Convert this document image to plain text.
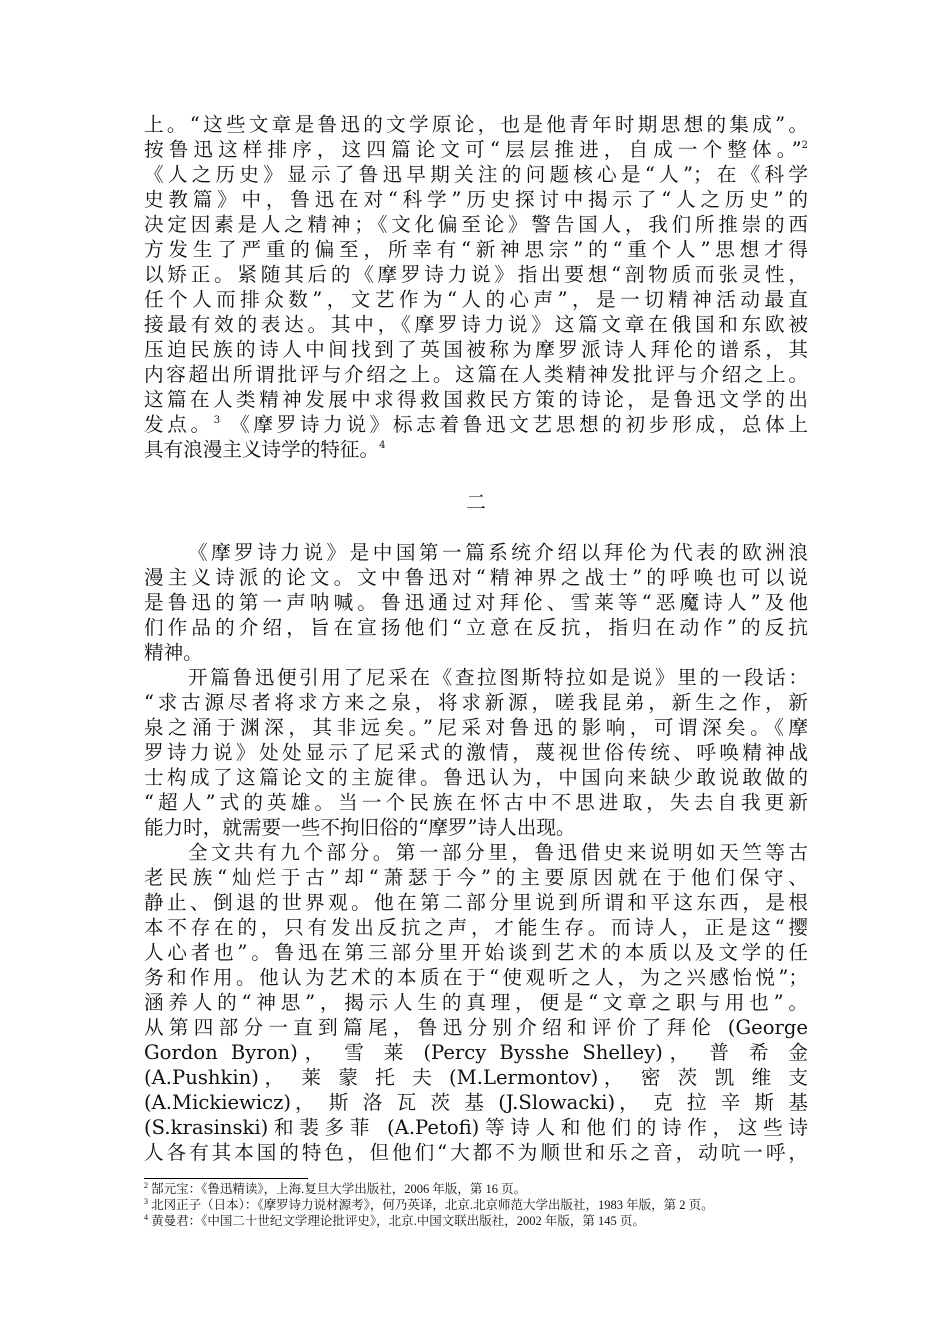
上。“这些文章是鲁迅的文学原论，也是他青年时期思想的集成”。
按鲁迅这样排序，这四篇论文可“层层推进，自成一个整体。”$^2$
《人之历史》显示了鲁迅早期关注的问题核心是“人”；在《科学
史教篇》中，鲁迅在对“科学”历史探讨中揭示了“人之历史”的
决定因素是人之精神；《文化偏至论》警告国人，我们所推崇的西
方发生了严重的偏至，所幸有“新神思宗”的“重个人”思想才得
以矫正。紧随其后的《摩罗诗力说》指出要想“剖物质而张灵性，
任个人而排众数”，文艺作为“人的心声”，是一切精神活动最直
接最有效的表达。其中，《摩罗诗力说》这篇文章在俄国和东欧被
压迫民族的诗人中间找到了英国被称为摩罗派诗人拜伦的谱系，其
内容超出所谓批评与介绍之上。这篇在人类精神发批评与介绍之上。
这篇在人类精神发展中求得救国救民方策的诗论，是鲁迅文学的出
发点。$^3$ 《摩罗诗力说》标志着鲁迅文艺思想的初步形成，总体上
具有浪漫主义诗学的特征。$^4$
二
《摩罗诗力说》是中国第一篇系统介绍以拜伦为代表的欧洲浪
漫主义诗派的论文。文中鲁迅对“精神界之战士”的呼唤也可以说
是鲁迅的第一声呐喊。鲁迅通过对拜伦、雪莱等“恶魔诗人”及他
们作品的介绍，旨在宣扬他们“立意在反抗，指归在动作”的反抗
精神。
开篇鲁迅便引用了尼采在《查拉图斯特拉如是说》里的一段话：
“求古源尽者将求方来之泉，将求新源，嗟我昆弟，新生之作，新
泉之涌于渊深，其非远矣。”尼采对鲁迅的影响，可谓深矣。《摩
罗诗力说》处处显示了尼采式的激情，蔑视世俗传统、呼唤精神战
士构成了这篇论文的主旋律。鲁迅认为，中国向来缺少敢说敢做的
“超人”式的英雄。当一个民族在怀古中不思进取，失去自我更新
能力时，就需要一些不拘旧俗的“摩罗”诗人出现。
全文共有九个部分。第一部分里，鲁迅借史来说明如天竺等古
老民族“灿烂于古”却“萧瑟于今”的主要原因就在于他们保守、
静止、倒退的世界观。他在第二部分里说到所谓和平这东西，是根
本不存在的，只有发出反抗之声，才能生存。而诗人，正是这“撄
人心者也”。鲁迅在第三部分里开始谈到艺术的本质以及文学的任
务和作用。他认为艺术的本质在于“使观听之人，为之兴感怡悦”；
涵养人的“神思”，揭示人生的真理，便是“文章之职与用也”。
从第四部分一直到篇尾，鲁迅分别介绍和评价了拜伦 (George
Gordon Byron)， 雪 莱 (Percy Bysshe Shelley)， 普 希 金
(A.Pushkin)， 莱 蒙 托 夫 (M.Lermontov)， 密 茨 凯 维 支
(A.Mickiewicz)， 斯 洛 瓦 茨 基 (J.Slowacki)， 克 拉 辛 斯 基
(S.krasinski)和裴多菲 (A.Petofi)等诗人和他们的诗作，这些诗
人各有其本国的特色，但他们“大都不为顺世和乐之音，动吭一呼，
$^2$ 郜元宝：《鲁迅精读》，上海.复旦大学出版社，2006 年版，第 16 页。
$^3$ 北冈正子（日本）：《摩罗诗力说材源考》，何乃英译，北京.北京师范大学出版社，1983 年版，第 2 页。
$^4$ 黄曼君：《中国二十世纪文学理论批评史》，北京.中国文联出版社，2002 年版，第 145 页。
